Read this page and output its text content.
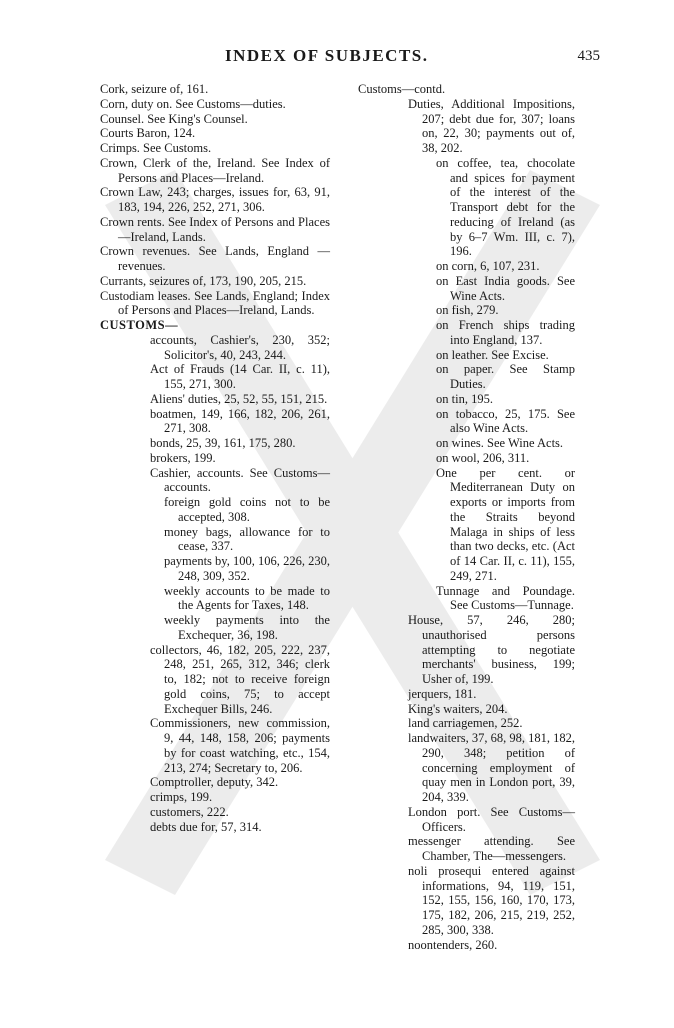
INDEX OF SUBJECTS.	435
Cork, seizure of, 161.
Corn, duty on. See Customs—duties.
Counsel. See King's Counsel.
Courts Baron, 124.
Crimps. See Customs.
Crown, Clerk of the, Ireland. See Index of Persons and Places—Ireland.
Crown Law, 243; charges, issues for, 63, 91, 183, 194, 226, 252, 271, 306.
Crown rents. See Index of Persons and Places—Ireland, Lands.
Crown revenues. See Lands, England —revenues.
Currants, seizures of, 173, 190, 205, 215.
Custodiam leases. See Lands, England; Index of Persons and Places—Ireland, Lands.
CUSTOMS—
accounts, Cashier's, 230, 352; Solicitor's, 40, 243, 244.
Act of Frauds (14 Car. II, c. 11), 155, 271, 300.
Aliens' duties, 25, 52, 55, 151, 215.
boatmen, 149, 166, 182, 206, 261, 271, 308.
bonds, 25, 39, 161, 175, 280.
brokers, 199.
Cashier, accounts. See Customs—accounts.
foreign gold coins not to be accepted, 308.
money bags, allowance for to cease, 337.
payments by, 100, 106, 226, 230, 248, 309, 352.
weekly accounts to be made to the Agents for Taxes, 148.
weekly payments into the Exchequer, 36, 198.
collectors, 46, 182, 205, 222, 237, 248, 251, 265, 312, 346; clerk to, 182; not to receive foreign gold coins, 75; to accept Exchequer Bills, 246.
Commissioners, new commission, 9, 44, 148, 158, 206; payments by for coast watching, etc., 154, 213, 274; Secretary to, 206.
Comptroller, deputy, 342.
crimps, 199.
customers, 222.
debts due for, 57, 314.
Customs—contd.
Duties, Additional Impositions, 207; debt due for, 307; loans on, 22, 30; payments out of, 38, 202.
on coffee, tea, chocolate and spices for payment of the interest of the Transport debt for the reducing of Ireland (as by 6–7 Wm. III, c. 7), 196.
on corn, 6, 107, 231.
on East India goods. See Wine Acts.
on fish, 279.
on French ships trading into England, 137.
on leather. See Excise.
on paper. See Stamp Duties.
on tin, 195.
on tobacco, 25, 175. See also Wine Acts.
on wines. See Wine Acts.
on wool, 206, 311.
One per cent. or Mediterranean Duty on exports or imports from the Straits beyond Malaga in ships of less than two decks, etc. (Act of 14 Car. II, c. 11), 155, 249, 271.
Tunnage and Poundage. See Customs—Tunnage.
House, 57, 246, 280; unauthorised persons attempting to negotiate merchants' business, 199; Usher of, 199.
jerquers, 181.
King's waiters, 204.
land carriagemen, 252.
landwaiters, 37, 68, 98, 181, 182, 290, 348; petition of concerning employment of quay men in London port, 39, 204, 339.
London port. See Customs—Officers.
messenger attending. See Chamber, The—messengers.
noli prosequi entered against informations, 94, 119, 151, 152, 155, 156, 160, 170, 173, 175, 182, 206, 215, 219, 252, 285, 300, 338.
noontenders, 260.
